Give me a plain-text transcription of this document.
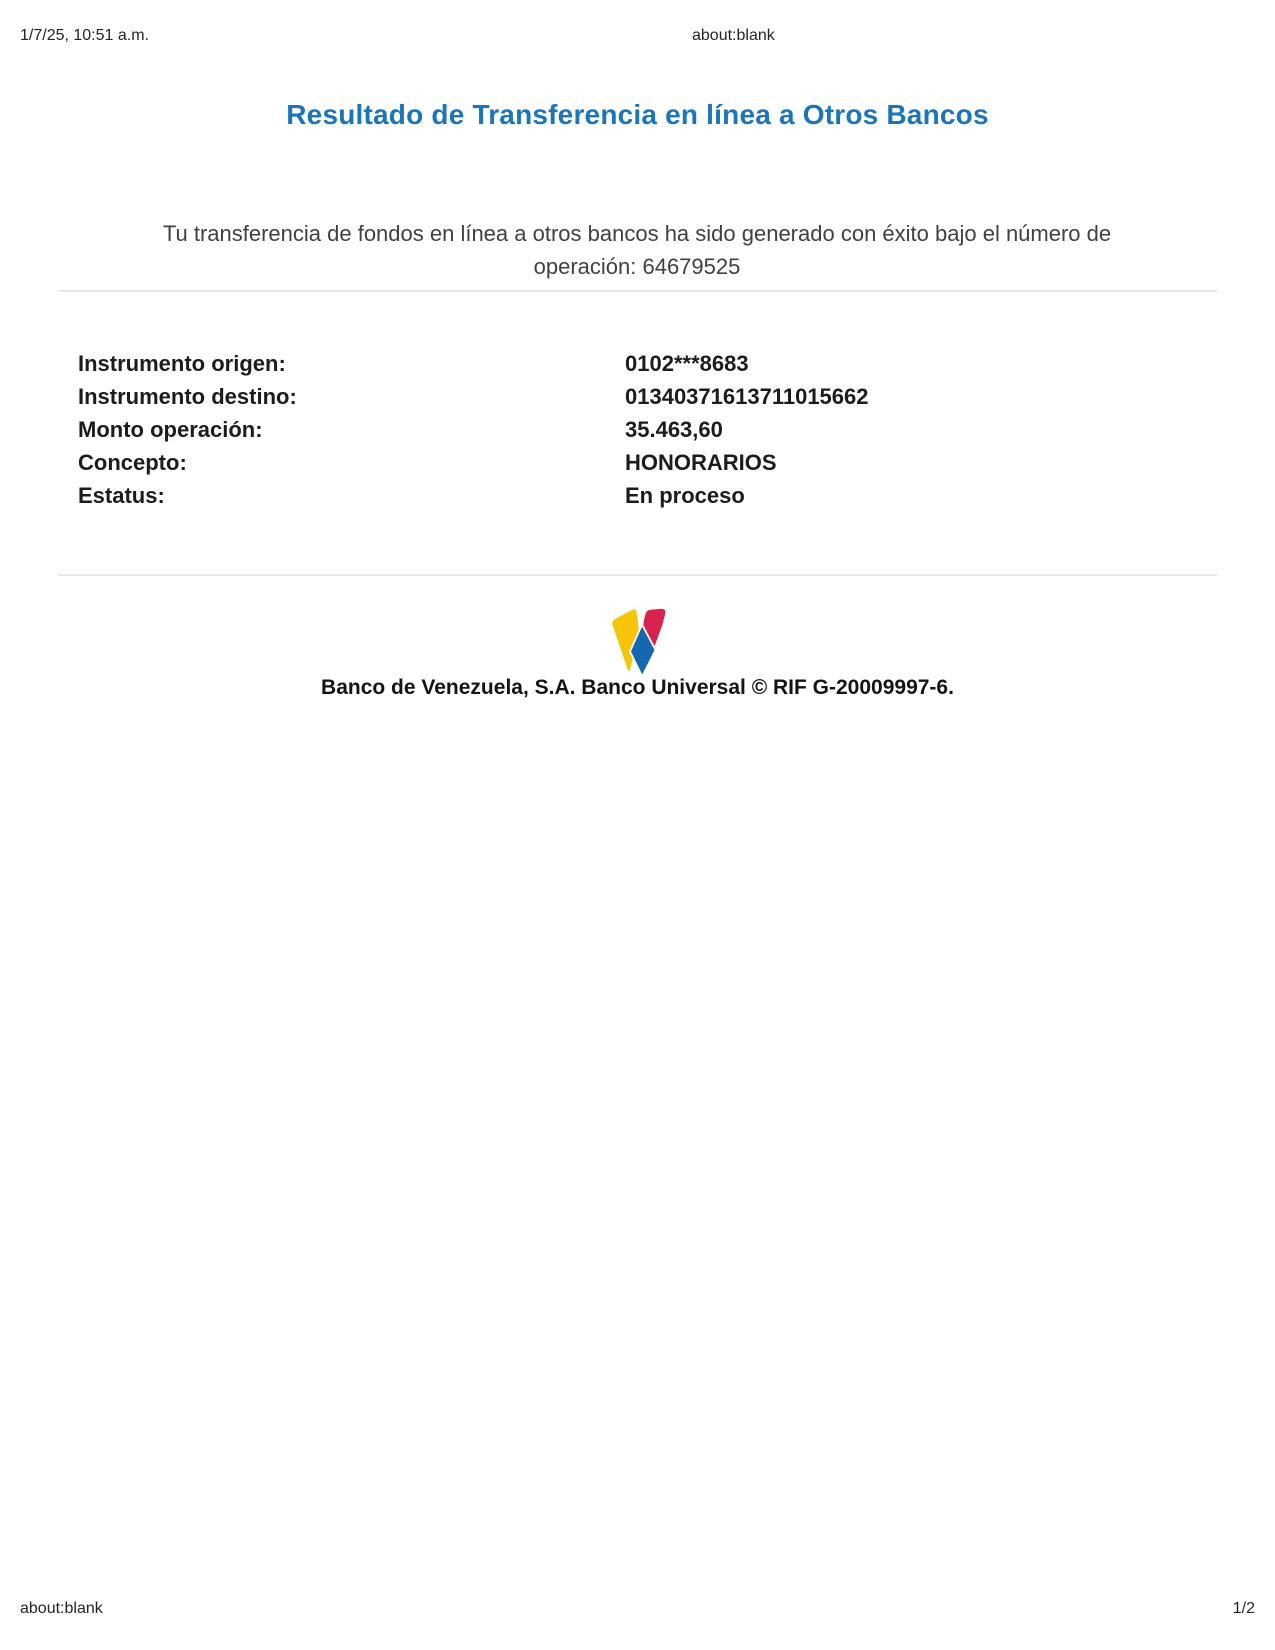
1/7/25, 10:51 a.m.	about:blank
Resultado de Transferencia en línea a Otros Bancos

Tu transferencia de fondos en línea a otros bancos ha sido generado con éxito bajo el número de operación: 64679525

Instrumento origen:	0102***8683
Instrumento destino:	01340371613711015662
Monto operación:	35.463,60
Concepto:	HONORARIOS
Estatus:	En proceso
Banco de Venezuela, S.A. Banco Universal © RIF G-20009997-6.
about:blank	1/2
